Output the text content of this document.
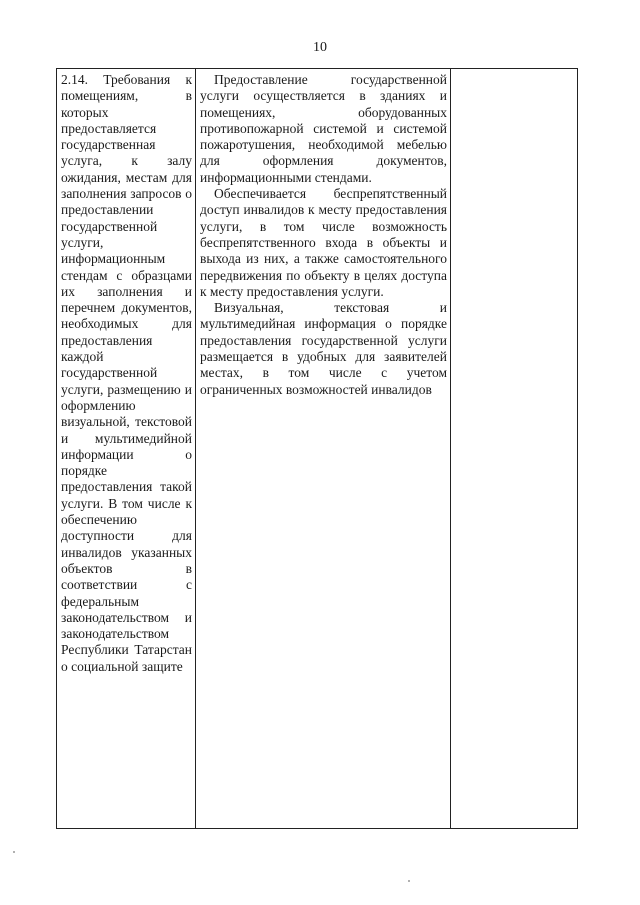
10

2.14. Требования к помещениям, в которых предоставляется государственная услуга, к залу ожидания, местам для заполнения запросов о предоставлении государственной услуги, информационным стендам с образцами их заполнения и перечнем документов, необходимых для предоставления каждой государственной услуги, размещению и оформлению визуальной, текстовой и мультимедийной информации о порядке предоставления такой услуги. В том числе к обеспечению доступности для инвалидов указанных объектов в соответствии с федеральным законодательством и законодательством Республики Татарстан о социальной защите

Предоставление государственной услуги осуществляется в зданиях и помещениях, оборудованных противопожарной системой и системой пожаротушения, необходимой мебелью для оформления документов, информационными стендами.

Обеспечивается беспрепятственный доступ инвалидов к месту предоставления услуги, в том числе возможность беспрепятственного входа в объекты и выхода из них, а также самостоятельного передвижения по объекту в целях доступа к месту предоставления услуги.

Визуальная, текстовая и мультимедийная информация о порядке предоставления государственной услуги размещается в удобных для заявителей местах, в том числе с учетом ограниченных возможностей инвалидов
